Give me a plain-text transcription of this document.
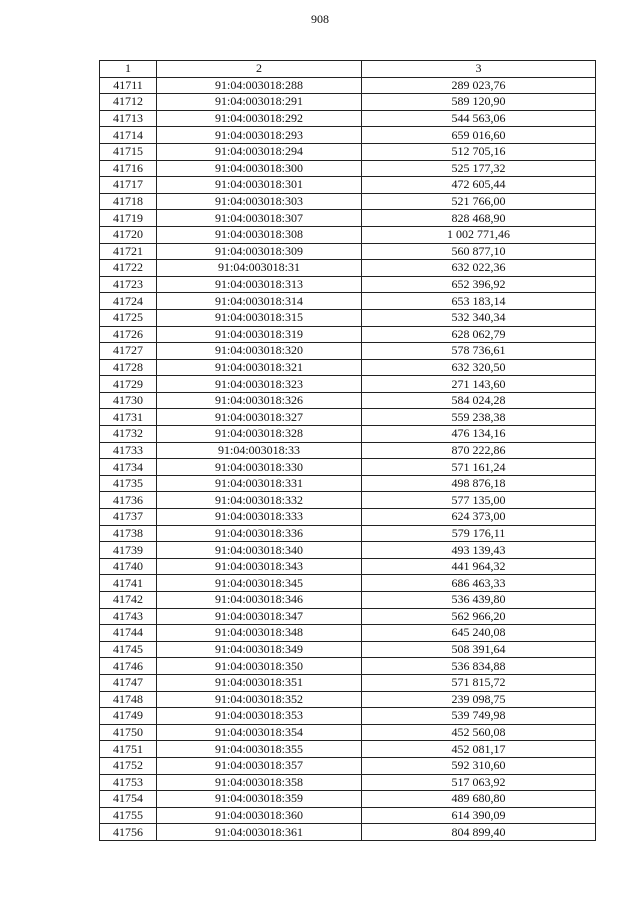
908
1	2	3
41711	91:04:003018:288	289 023,76
41712	91:04:003018:291	589 120,90
41713	91:04:003018:292	544 563,06
41714	91:04:003018:293	659 016,60
41715	91:04:003018:294	512 705,16
41716	91:04:003018:300	525 177,32
41717	91:04:003018:301	472 605,44
41718	91:04:003018:303	521 766,00
41719	91:04:003018:307	828 468,90
41720	91:04:003018:308	1 002 771,46
41721	91:04:003018:309	560 877,10
41722	91:04:003018:31	632 022,36
41723	91:04:003018:313	652 396,92
41724	91:04:003018:314	653 183,14
41725	91:04:003018:315	532 340,34
41726	91:04:003018:319	628 062,79
41727	91:04:003018:320	578 736,61
41728	91:04:003018:321	632 320,50
41729	91:04:003018:323	271 143,60
41730	91:04:003018:326	584 024,28
41731	91:04:003018:327	559 238,38
41732	91:04:003018:328	476 134,16
41733	91:04:003018:33	870 222,86
41734	91:04:003018:330	571 161,24
41735	91:04:003018:331	498 876,18
41736	91:04:003018:332	577 135,00
41737	91:04:003018:333	624 373,00
41738	91:04:003018:336	579 176,11
41739	91:04:003018:340	493 139,43
41740	91:04:003018:343	441 964,32
41741	91:04:003018:345	686 463,33
41742	91:04:003018:346	536 439,80
41743	91:04:003018:347	562 966,20
41744	91:04:003018:348	645 240,08
41745	91:04:003018:349	508 391,64
41746	91:04:003018:350	536 834,88
41747	91:04:003018:351	571 815,72
41748	91:04:003018:352	239 098,75
41749	91:04:003018:353	539 749,98
41750	91:04:003018:354	452 560,08
41751	91:04:003018:355	452 081,17
41752	91:04:003018:357	592 310,60
41753	91:04:003018:358	517 063,92
41754	91:04:003018:359	489 680,80
41755	91:04:003018:360	614 390,09
41756	91:04:003018:361	804 899,40
